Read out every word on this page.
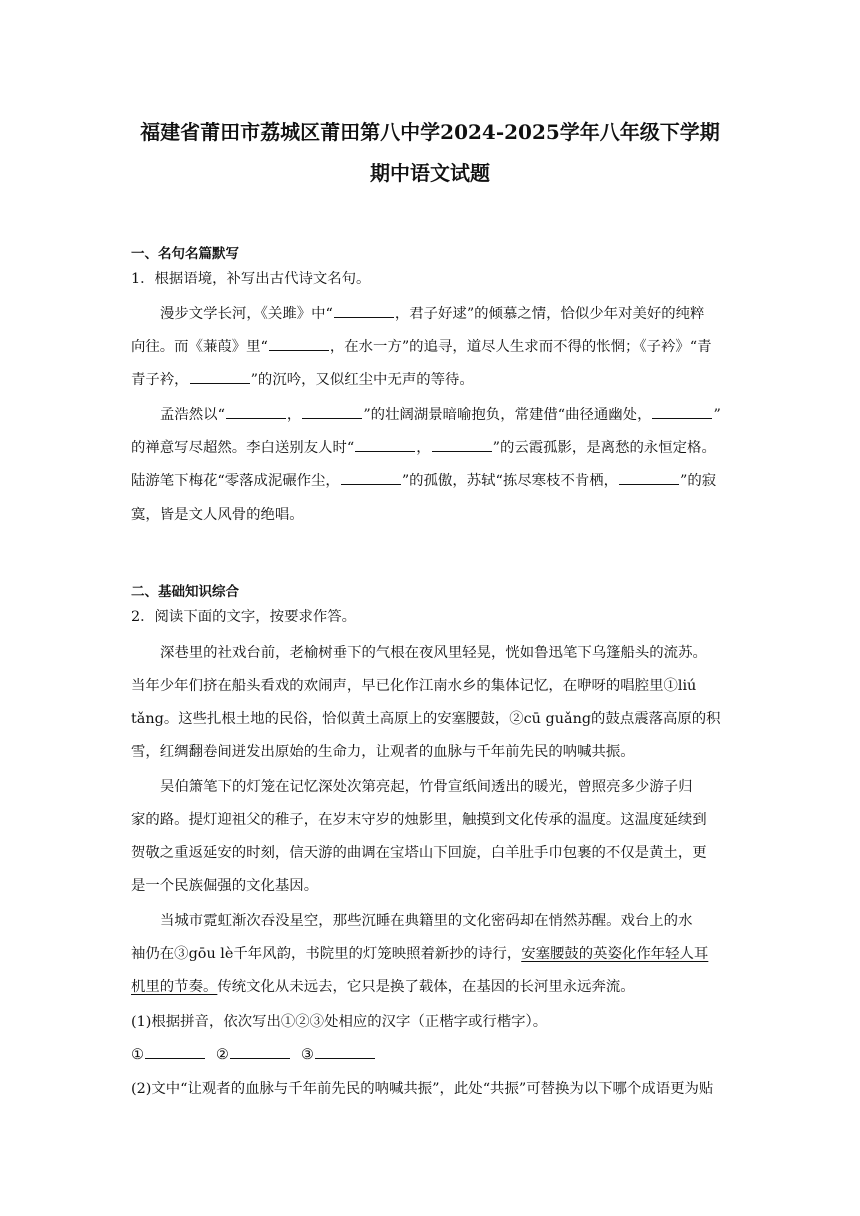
福建省莆田市荔城区莆田第八中学2024-2025学年八年级下学期
期中语文试题
一、名句名篇默写
1．根据语境，补写出古代诗文名句。
漫步文学长河，《关雎》中“	，君子好逑”的倾慕之情，恰似少年对美好的纯粹
向往。而《蒹葭》里“	，在水一方”的追寻，道尽人生求而不得的怅惘；《子衿》“青
青子衿，	”的沉吟，又似红尘中无声的等待。
孟浩然以“	，	”的壮阔湖景暗喻抱负，常建借“曲径通幽处，	”
的禅意写尽超然。李白送别友人时“	，	”的云霞孤影，是离愁的永恒定格。
陆游笔下梅花“零落成泥碾作尘，	”的孤傲，苏轼“拣尽寒枝不肯栖，	”的寂
寞，皆是文人风骨的绝唱。
二、基础知识综合
2．阅读下面的文字，按要求作答。
深巷里的社戏台前，老榆树垂下的气根在夜风里轻晃，恍如鲁迅笔下乌篷船头的流苏。
当年少年们挤在船头看戏的欢闹声，早已化作江南水乡的集体记忆，在咿呀的唱腔里①liú
tǎng。这些扎根土地的民俗，恰似黄土高原上的安塞腰鼓，②cū guǎng的鼓点震落高原的积
雪，红绸翻卷间迸发出原始的生命力，让观者的血脉与千年前先民的呐喊共振。
吴伯箫笔下的灯笼在记忆深处次第亮起，竹骨宣纸间透出的暖光，曾照亮多少游子归
家的路。提灯迎祖父的稚子，在岁末守岁的烛影里，触摸到文化传承的温度。这温度延续到
贺敬之重返延安的时刻，信天游的曲调在宝塔山下回旋，白羊肚手巾包裹的不仅是黄土，更
是一个民族倔强的文化基因。
当城市霓虹渐次吞没星空，那些沉睡在典籍里的文化密码却在悄然苏醒。戏台上的水
袖仍在③gōu lè千年风韵，书院里的灯笼映照着新抄的诗行， 安塞腰鼓的英姿化作年轻人耳
机里的节奏。 传统文化从未远去，它只是换了载体，在基因的长河里永远奔流。
(1)根据拼音，依次写出①②③处相应的汉字（正楷字或行楷字）。
①	②	③
(2)文中“让观者的血脉与千年前先民的呐喊共振”，此处“共振”可替换为以下哪个成语更为贴
